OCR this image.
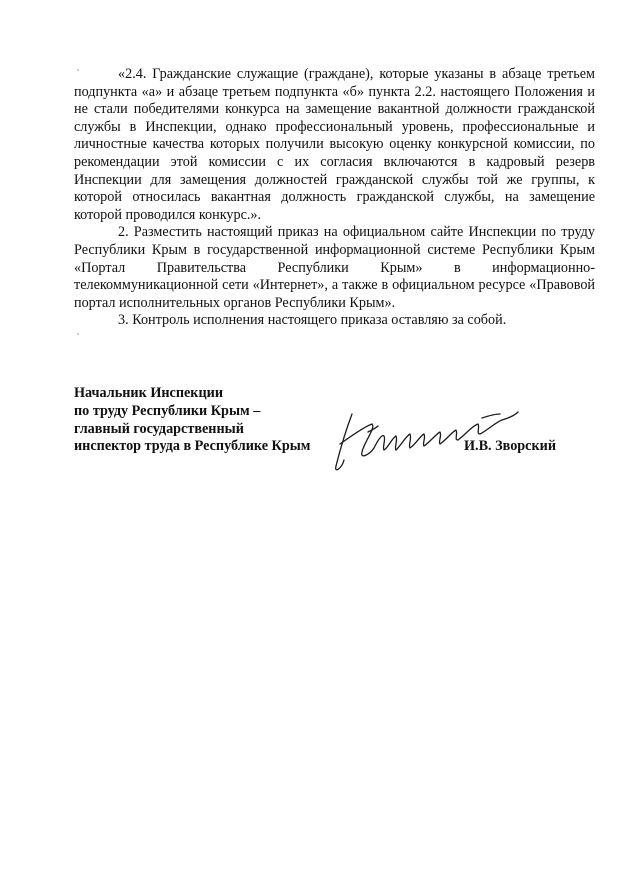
«2.4. Гражданские служащие (граждане), которые указаны в абзаце третьем подпункта «а» и абзаце третьем подпункта «б» пункта 2.2. настоящего Положения и не стали победителями конкурса на замещение вакантной должности гражданской службы в Инспекции, однако профессиональный уровень, профессиональные и личностные качества которых получили высокую оценку конкурсной комиссии, по рекомендации этой комиссии с их согласия включаются в кадровый резерв Инспекции для замещения должностей гражданской службы той же группы, к которой относилась вакантная должность гражданской службы, на замещение которой проводился конкурс.».

2. Разместить настоящий приказ на официальном сайте Инспекции по труду Республики Крым в государственной информационной системе Республики Крым «Портал Правительства Республики Крым» в информационно-телекоммуникационной сети «Интернет», а также в официальном ресурсе «Правовой портал исполнительных органов Республики Крым».

3. Контроль исполнения настоящего приказа оставляю за собой.

Начальник Инспекции

по труду Республики Крым –

главный государственный

инспектор труда в Республике Крым	И.В. Зворский
